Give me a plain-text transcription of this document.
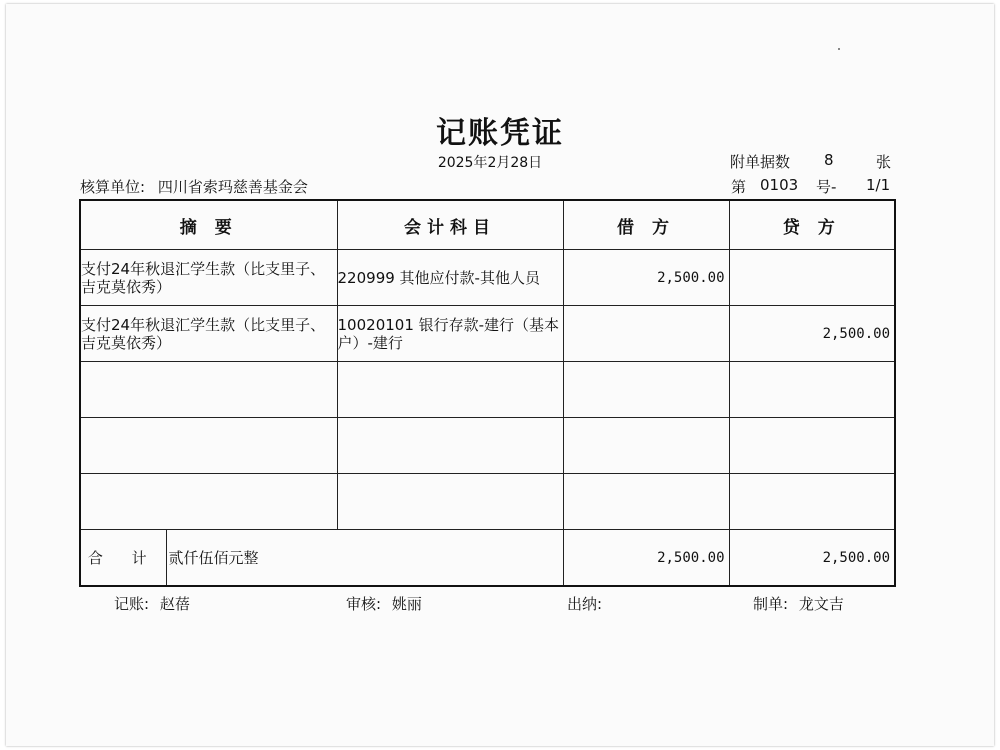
记账凭证
2025年2月28日
核算单位: 四川省索玛慈善基金会
附单据数 8	张
第 0103 号- 1/1
摘 要		会计科目	借 方	贷 方
支付24年秋退汇学生款（比支里子、吉克莫依秀）		220999 其他应付款-其他人员	2,500.00	
支付24年秋退汇学生款（比支里子、吉克莫依秀）		10020101 银行存款-建行（基本户）-建行		2,500.00

合 计	贰仟伍佰元整		2,500.00	2,500.00
记账: 赵蓓	审核: 姚丽	出纳:	制单: 龙文吉
